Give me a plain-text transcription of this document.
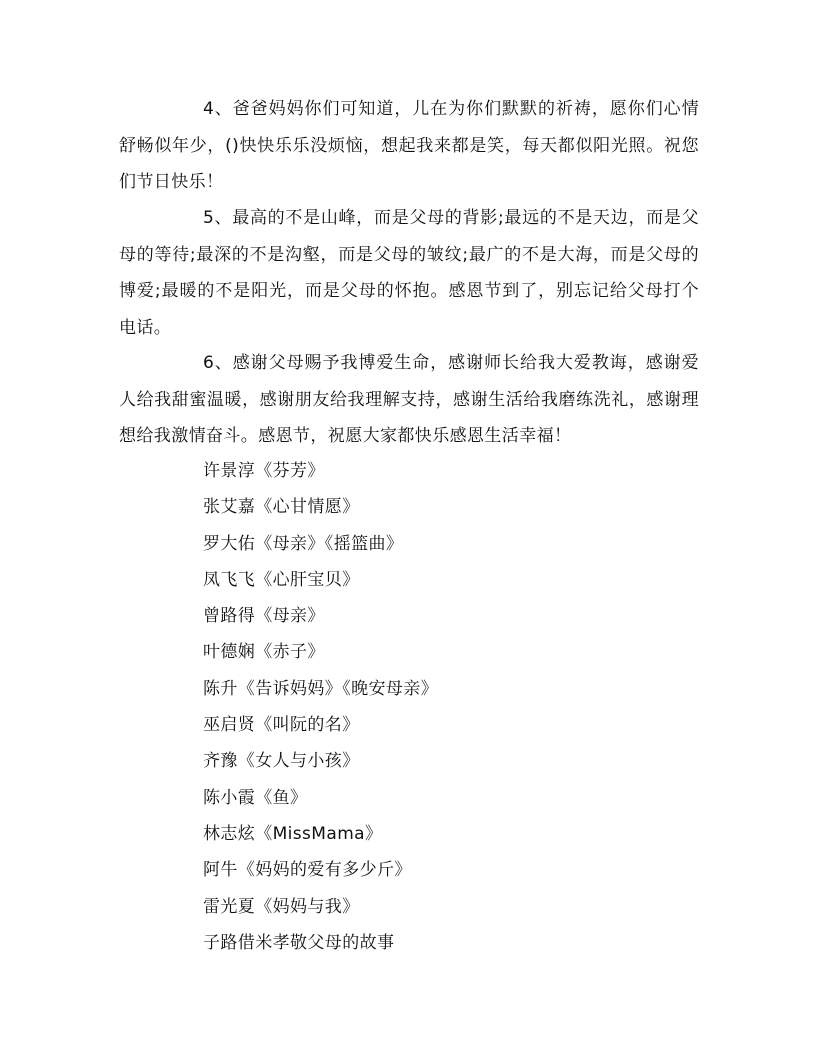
4、爸爸妈妈你们可知道，儿在为你们默默的祈祷，愿你们心情舒畅似年少，()快快乐乐没烦恼，想起我来都是笑，每天都似阳光照。祝您们节日快乐！

5、最高的不是山峰，而是父母的背影;最远的不是天边，而是父母的等待;最深的不是沟壑，而是父母的皱纹;最广的不是大海，而是父母的博爱;最暖的不是阳光，而是父母的怀抱。感恩节到了，别忘记给父母打个电话。

6、感谢父母赐予我博爱生命，感谢师长给我大爱教诲，感谢爱人给我甜蜜温暖，感谢朋友给我理解支持，感谢生活给我磨练洗礼，感谢理想给我激情奋斗。感恩节，祝愿大家都快乐感恩生活幸福！

许景淳《芬芳》
张艾嘉《心甘情愿》
罗大佑《母亲》《摇篮曲》
凤飞飞《心肝宝贝》
曾路得《母亲》
叶德娴《赤子》
陈升《告诉妈妈》《晚安母亲》
巫启贤《叫阮的名》
齐豫《女人与小孩》
陈小霞《鱼》
林志炫《MissMama》
阿牛《妈妈的爱有多少斤》
雷光夏《妈妈与我》
子路借米孝敬父母的故事
